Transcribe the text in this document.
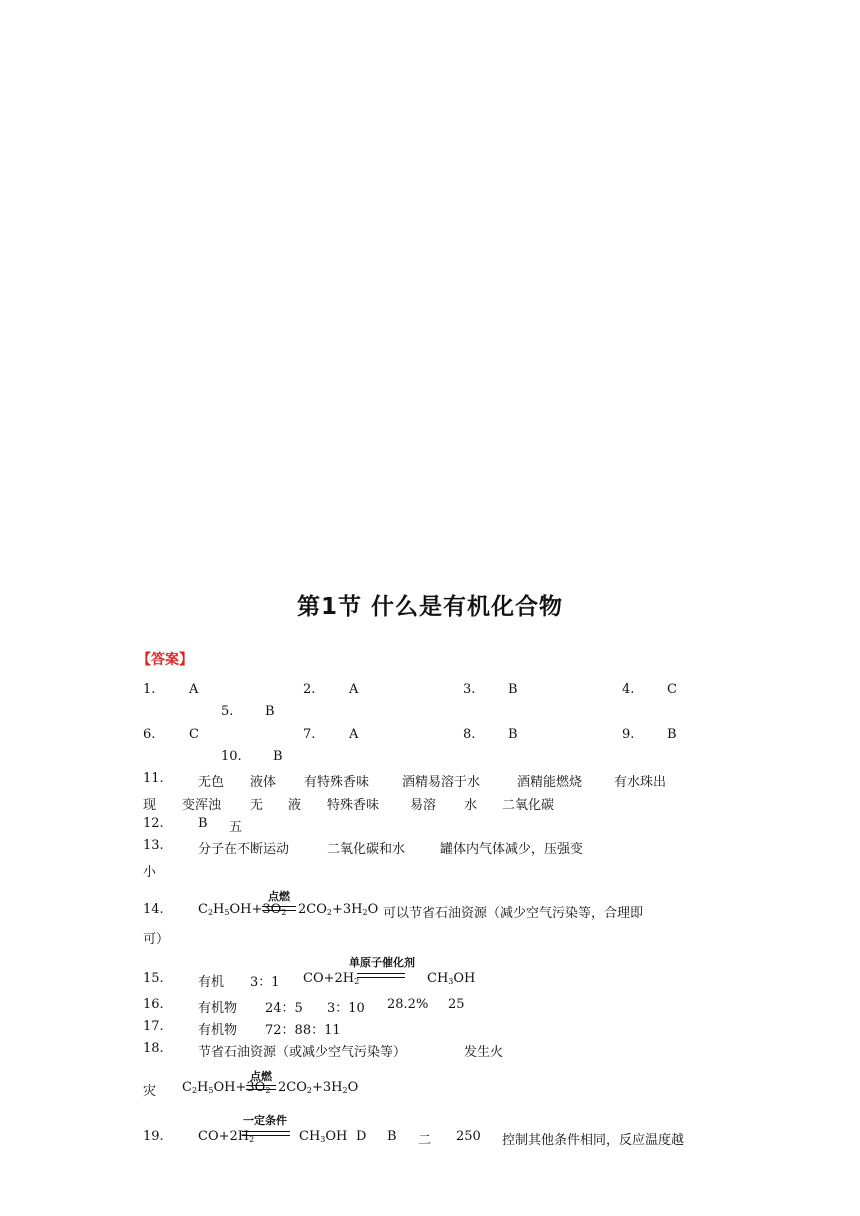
第1节 什么是有机化合物
【答案】
1.	A	2.	A	3.	B	4.	C
5. B
6.	C	7.	A	8.	B	9.	B
10. B
11.	无色 液体 有特殊香味	酒精易溶于水	酒精能燃烧 有水珠出
现 变浑浊 无 液 特殊香味 易溶 水 二氧化碳
12.	B 五
13.	分子在不断运动	二氧化碳和水	罐体内气体减少，压强变
小
14.	$C_2H_5OH+3O_2$
点燃
$2CO_2+3H_2O$ 可以节省石油资源（减少空气污染等，合理即
可）
15.	有机 3：1 $CO+2H_2$
单原子催化剂
$CH_3OH$
16.	有机物 24：5 3：10 28.2% 25
17.	有机物 72：88：11
18.	节省石油资源（或减少空气污染等）	发生火
灾 $C_2H_5OH+3O_2$
点燃
$2CO_2+3H_2O$
19.	$CO+2H_2$
一定条件
$CH_3OH$ D B 二 250 控制其他条件相同，反应温度越
